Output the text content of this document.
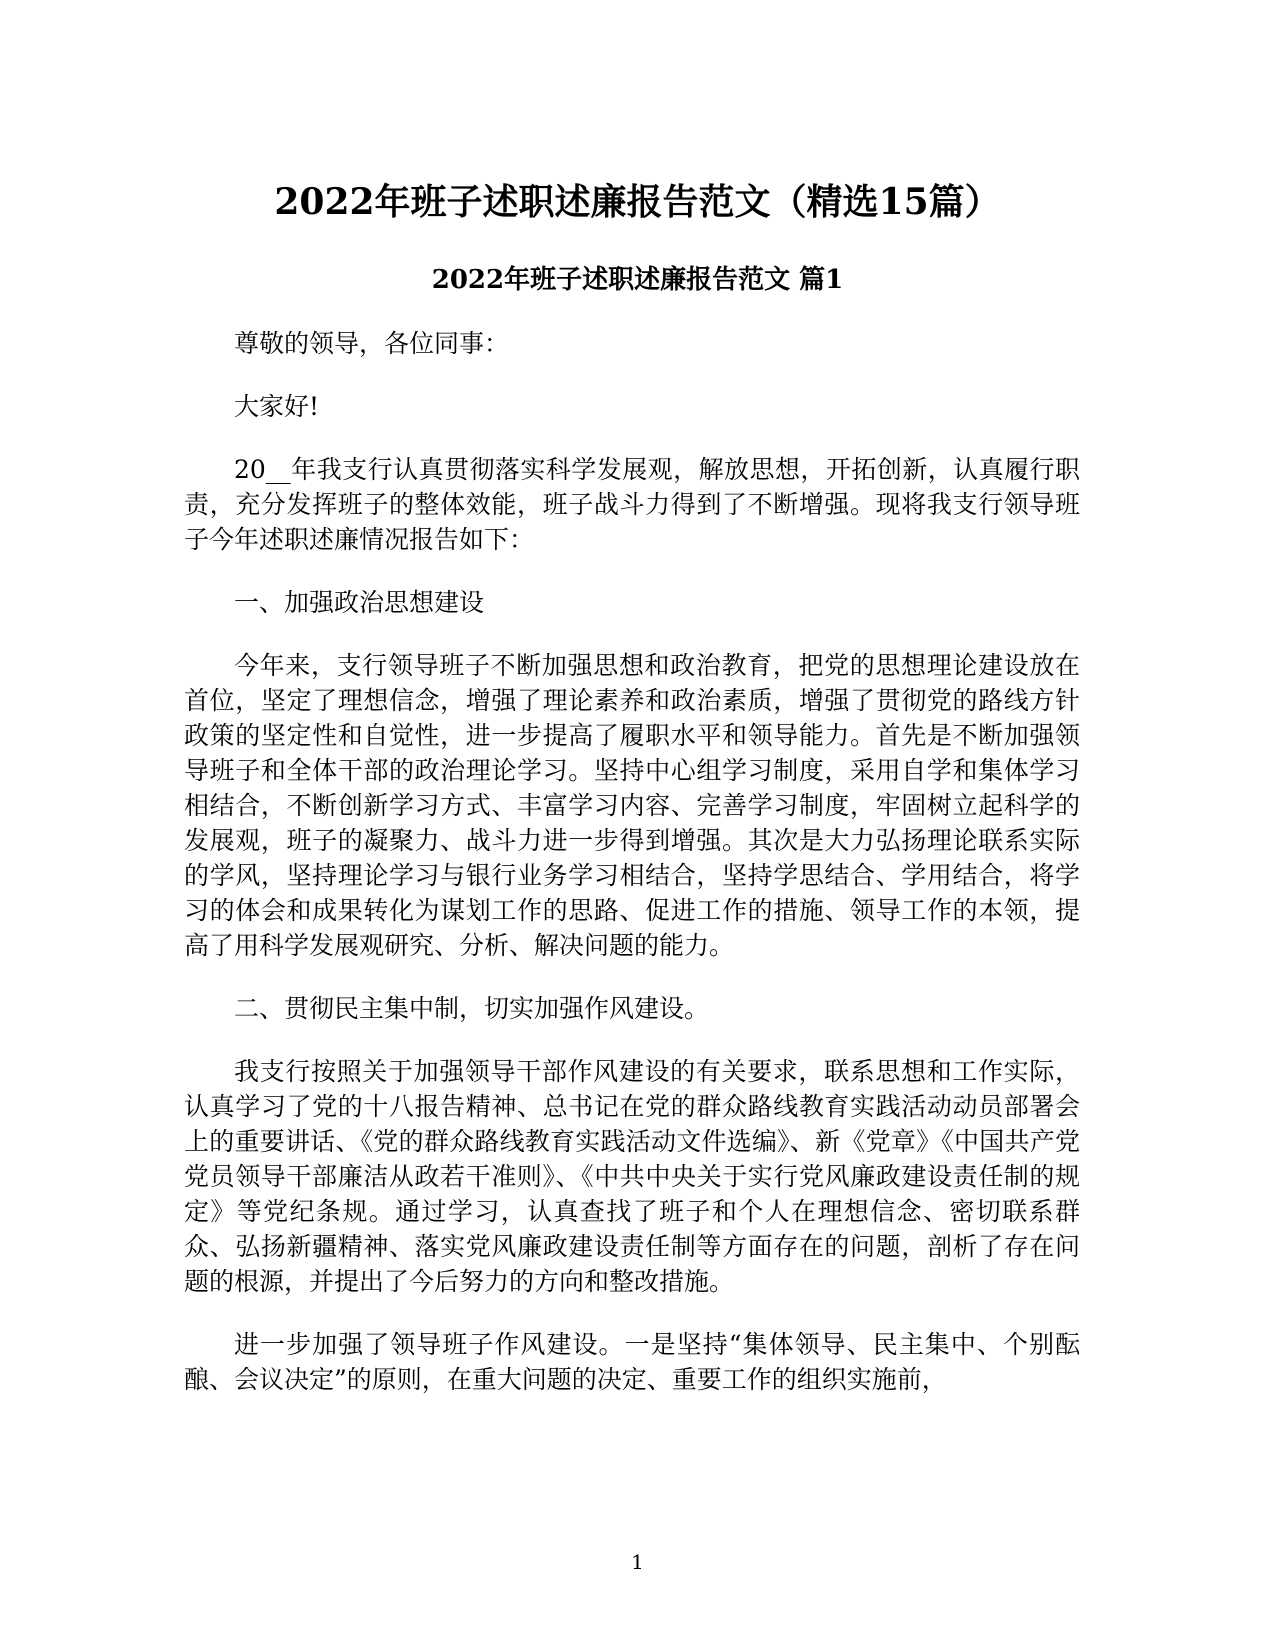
2022年班子述职述廉报告范文（精选15篇）
2022年班子述职述廉报告范文 篇1

尊敬的领导，各位同事：

大家好!

20__年我支行认真贯彻落实科学发展观，解放思想，开拓创新，认真履行职责，充分发挥班子的整体效能，班子战斗力得到了不断增强。现将我支行领导班子今年述职述廉情况报告如下：

一、加强政治思想建设

今年来，支行领导班子不断加强思想和政治教育，把党的思想理论建设放在首位，坚定了理想信念，增强了理论素养和政治素质，增强了贯彻党的路线方针政策的坚定性和自觉性，进一步提高了履职水平和领导能力。首先是不断加强领导班子和全体干部的政治理论学习。坚持中心组学习制度，采用自学和集体学习相结合，不断创新学习方式、丰富学习内容、完善学习制度，牢固树立起科学的发展观，班子的凝聚力、战斗力进一步得到增强。其次是大力弘扬理论联系实际的学风，坚持理论学习与银行业务学习相结合，坚持学思结合、学用结合，将学习的体会和成果转化为谋划工作的思路、促进工作的措施、领导工作的本领，提高了用科学发展观研究、分析、解决问题的能力。

二、贯彻民主集中制，切实加强作风建设。

我支行按照关于加强领导干部作风建设的有关要求，联系思想和工作实际，认真学习了党的十八报告精神、总书记在党的群众路线教育实践活动动员部署会上的重要讲话、《党的群众路线教育实践活动文件选编》、新《党章》《中国共产党党员领导干部廉洁从政若干准则》、《中共中央关于实行党风廉政建设责任制的规定》等党纪条规。通过学习，认真查找了班子和个人在理想信念、密切联系群众、弘扬新疆精神、落实党风廉政建设责任制等方面存在的问题，剖析了存在问题的根源，并提出了今后努力的方向和整改措施。

进一步加强了领导班子作风建设。一是坚持“集体领导、民主集中、个别酝酿、会议决定”的原则，在重大问题的决定、重要工作的组织实施前，

1
